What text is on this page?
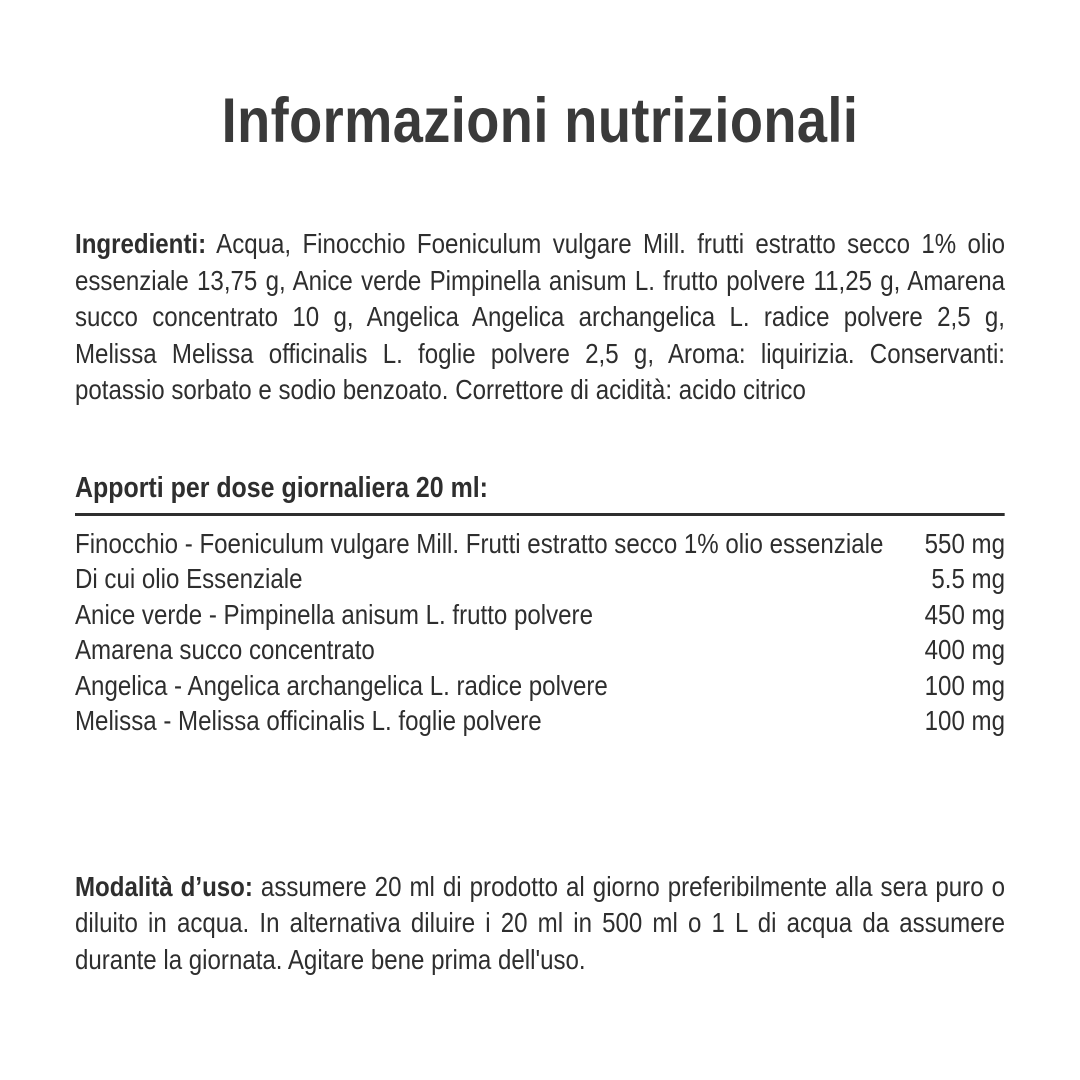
Informazioni nutrizionali

Ingredienti: Acqua, Finocchio Foeniculum vulgare Mill. frutti estratto secco 1% olio essenziale 13,75 g, Anice verde Pimpinella anisum L. frutto polvere 11,25 g, Amarena succo concentrato 10 g, Angelica Angelica archangelica L. radice polvere 2,5 g, Melissa Melissa officinalis L. foglie polvere 2,5 g, Aroma: liquirizia. Conservanti: potassio sorbato e sodio benzoato. Correttore di acidità: acido citrico

Apporti per dose giornaliera 20 ml:
Finocchio - Foeniculum vulgare Mill. Frutti estratto secco 1% olio essenziale	550 mg
Di cui olio Essenziale	5.5 mg
Anice verde - Pimpinella anisum L. frutto polvere	450 mg
Amarena succo concentrato	400 mg
Angelica - Angelica archangelica L. radice polvere	100 mg
Melissa - Melissa officinalis L. foglie polvere	100 mg

Modalità d’uso: assumere 20 ml di prodotto al giorno preferibilmente alla sera puro o diluito in acqua. In alternativa diluire i 20 ml in 500 ml o 1 L di acqua da assumere durante la giornata. Agitare bene prima dell'uso.
